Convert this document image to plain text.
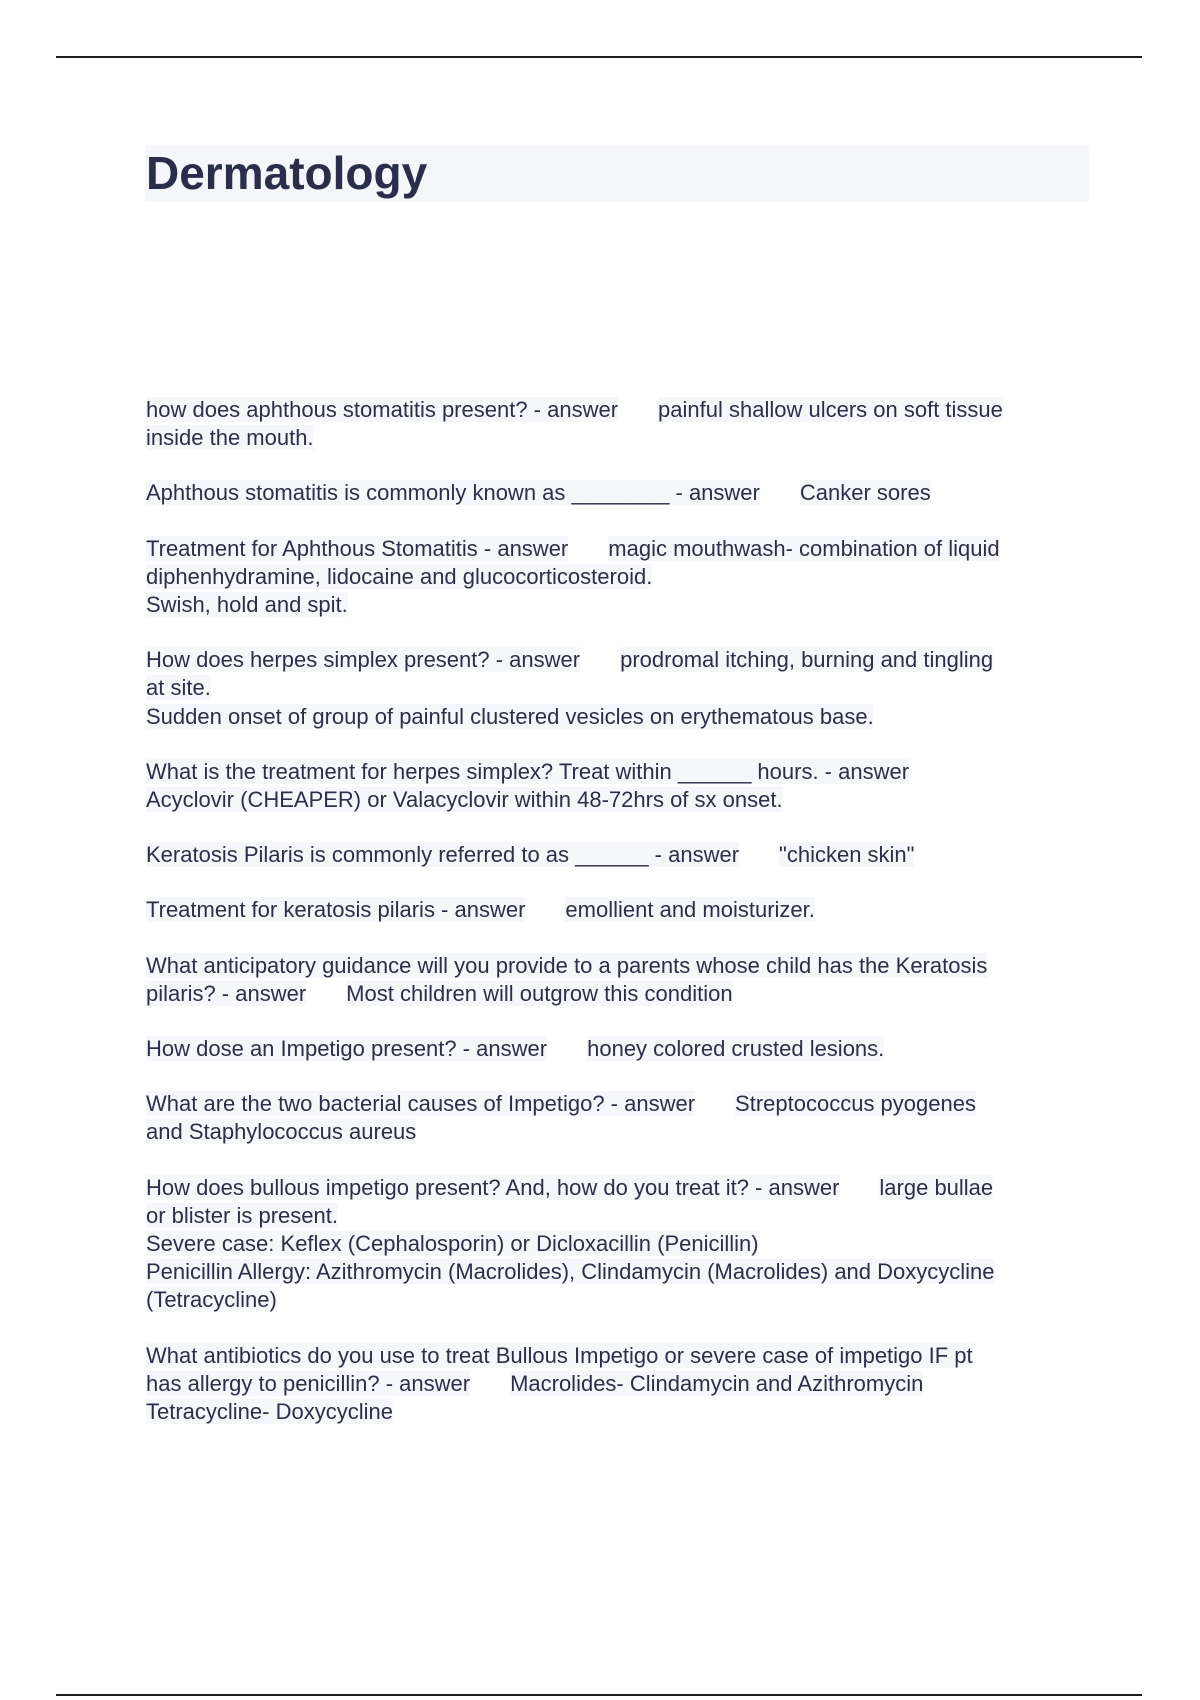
Dermatology
how does aphthous stomatitis present? - answer painful shallow ulcers on soft tissue
inside the mouth.
Aphthous stomatitis is commonly known as ________ - answer Canker sores
Treatment for Aphthous Stomatitis - answer magic mouthwash- combination of liquid
diphenhydramine, lidocaine and glucocorticosteroid.
Swish, hold and spit.
How does herpes simplex present? - answer prodromal itching, burning and tingling
at site.
Sudden onset of group of painful clustered vesicles on erythematous base.
What is the treatment for herpes simplex? Treat within ______ hours. - answer
Acyclovir (CHEAPER) or Valacyclovir within 48-72hrs of sx onset.
Keratosis Pilaris is commonly referred to as ______ - answer "chicken skin"
Treatment for keratosis pilaris - answer emollient and moisturizer.
What anticipatory guidance will you provide to a parents whose child has the Keratosis
pilaris? - answer Most children will outgrow this condition
How dose an Impetigo present? - answer honey colored crusted lesions.
What are the two bacterial causes of Impetigo? - answer Streptococcus pyogenes
and Staphylococcus aureus
How does bullous impetigo present? And, how do you treat it? - answer large bullae
or blister is present.
Severe case: Keflex (Cephalosporin) or Dicloxacillin (Penicillin)
Penicillin Allergy: Azithromycin (Macrolides), Clindamycin (Macrolides) and Doxycycline
(Tetracycline)
What antibiotics do you use to treat Bullous Impetigo or severe case of impetigo IF pt
has allergy to penicillin? - answer Macrolides- Clindamycin and Azithromycin
Tetracycline- Doxycycline
